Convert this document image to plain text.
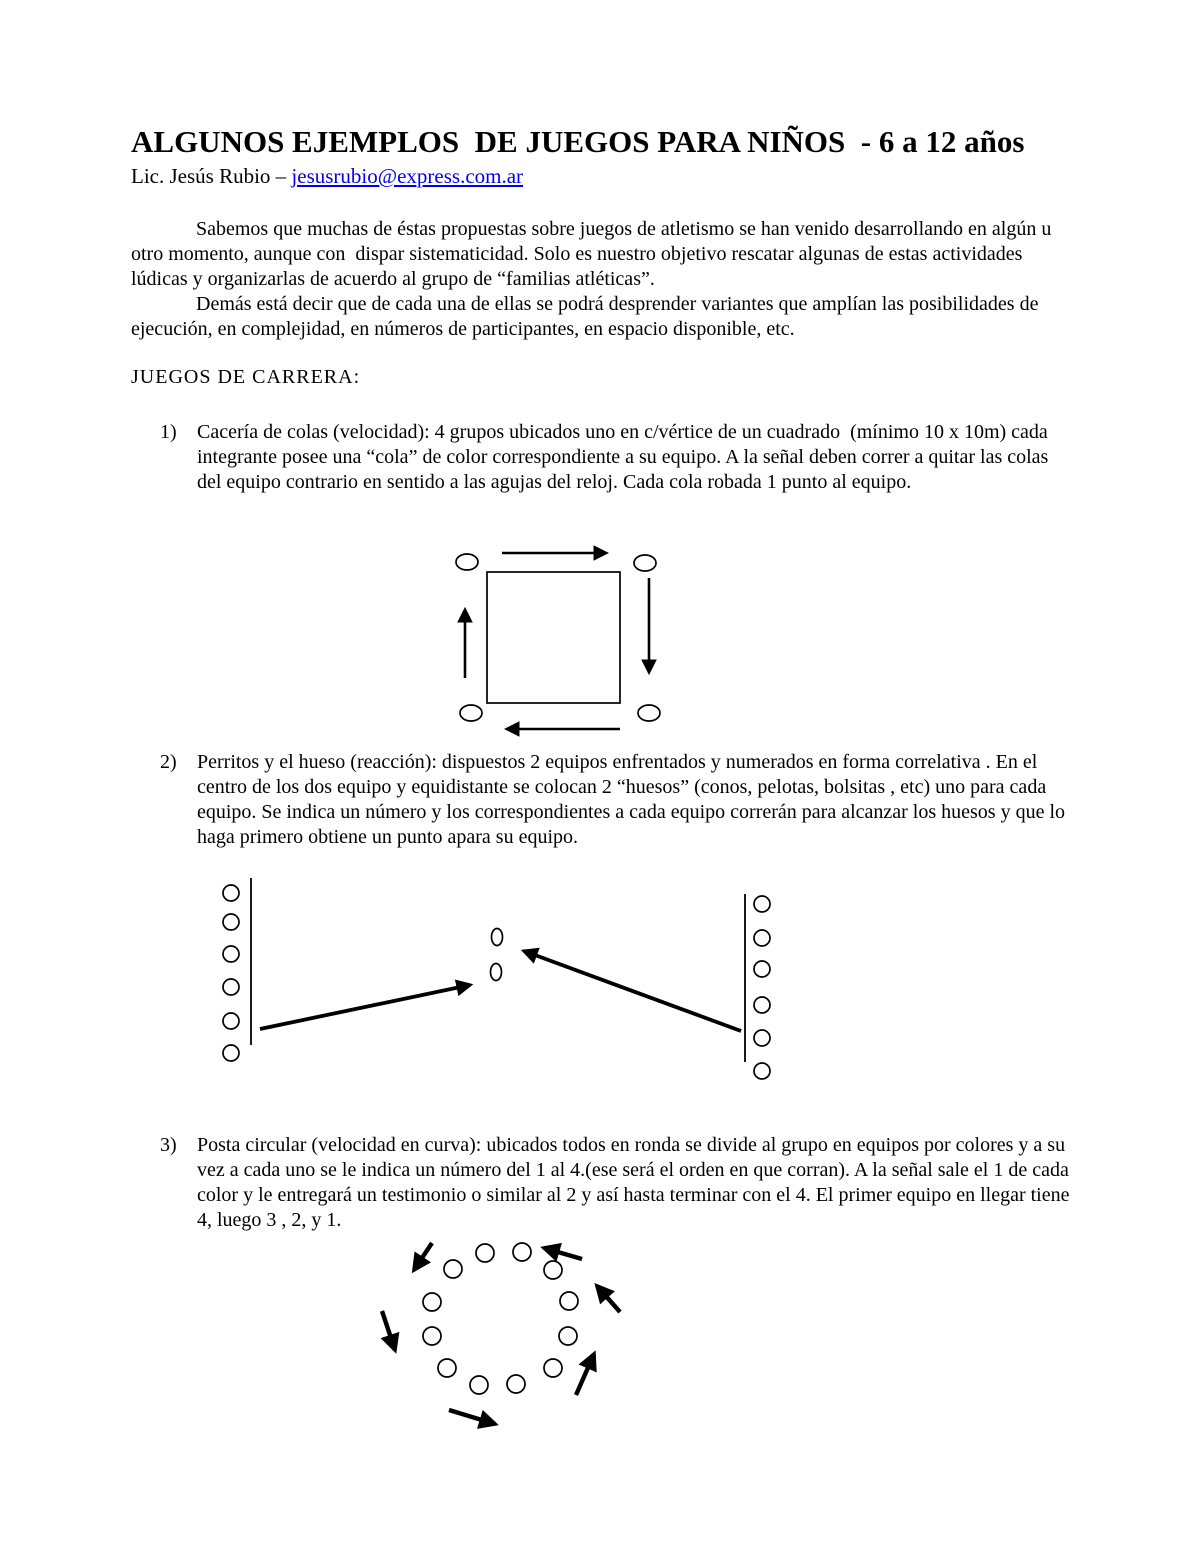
ALGUNOS EJEMPLOS  DE JUEGOS PARA NIÑOS  - 6 a 12 años
Lic. Jesús Rubio – jesusrubio@express.com.ar

Sabemos que muchas de éstas propuestas sobre juegos de atletismo se han venido desarrollando en algún u otro momento, aunque con  dispar sistematicidad. Solo es nuestro objetivo rescatar algunas de estas actividades lúdicas y organizarlas de acuerdo al grupo de “familias atléticas”.

Demás está decir que de cada una de ellas se podrá desprender variantes que amplían las posibilidades de ejecución, en complejidad, en números de participantes, en espacio disponible, etc.

JUEGOS DE CARRERA:
1) Cacería de colas (velocidad): 4 grupos ubicados uno en c/vértice de un cuadrado  (mínimo 10 x 10m) cada integrante posee una “cola” de color correspondiente a su equipo. A la señal deben correr a quitar las colas del equipo contrario en sentido a las agujas del reloj. Cada cola robada 1 punto al equipo.
2) Perritos y el hueso (reacción): dispuestos 2 equipos enfrentados y numerados en forma correlativa . En el centro de los dos equipo y equidistante se colocan 2 “huesos” (conos, pelotas, bolsitas , etc) uno para cada equipo. Se indica un número y los correspondientes a cada equipo correrán para alcanzar los huesos y que lo haga primero obtiene un punto apara su equipo.
3) Posta circular (velocidad en curva): ubicados todos en ronda se divide al grupo en equipos por colores y a su vez a cada uno se le indica un número del 1 al 4.(ese será el orden en que corran). A la señal sale el 1 de cada color y le entregará un testimonio o similar al 2 y así hasta terminar con el 4. El primer equipo en llegar tiene 4, luego 3 , 2, y 1.
